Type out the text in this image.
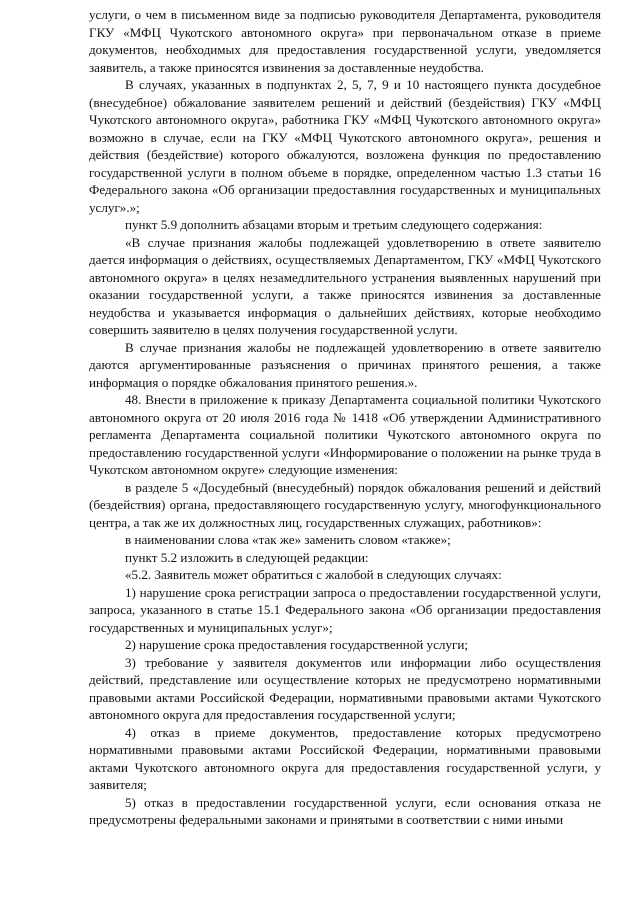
услуги, о чем в письменном виде за подписью руководителя Департамента, руководителя ГКУ «МФЦ Чукотского автономного округа» при первоначальном отказе в приеме документов, необходимых для предоставления государственной услуги, уведомляется заявитель, а также приносятся извинения за доставленные неудобства.

В случаях, указанных в подпунктах 2, 5, 7, 9 и 10 настоящего пункта досудебное (внесудебное) обжалование заявителем решений и действий (бездействия) ГКУ «МФЦ Чукотского автономного округа», работника ГКУ «МФЦ Чукотского автономного округа» возможно в случае, если на ГКУ «МФЦ Чукотского автономного округа», решения и действия (бездействие) которого обжалуются, возложена функция по предоставлению государственной услуги в полном объеме в порядке, определенном частью 1.3 статьи 16 Федерального закона «Об организации предоставлния государственных и муниципальных услуг».»;

пункт 5.9 дополнить абзацами вторым и третьим следующего содержания:

«В случае признания жалобы подлежащей удовлетворению в ответе заявителю дается информация о действиях, осуществляемых Департаментом, ГКУ «МФЦ Чукотского автономного округа» в целях незамедлительного устранения выявленных нарушений при оказании государственной услуги, а также приносятся извинения за доставленные неудобства и указывается информация о дальнейших действиях, которые необходимо совершить заявителю в целях получения государственной услуги.

В случае признания жалобы не подлежащей удовлетворению в ответе заявителю даются аргументированные разъяснения о причинах принятого решения, а также информация о порядке обжалования принятого решения.».

48. Внести в приложение к приказу Департамента социальной политики Чукотского автономного округа от 20 июля 2016 года № 1418 «Об утверждении Административного регламента Департамента социальной политики Чукотского автономного округа по предоставлению государственной услуги «Информирование о положении на рынке труда в Чукотском автономном округе» следующие изменения:

в разделе 5 «Досудебный (внесудебный) порядок обжалования решений и действий (бездействия) органа, предоставляющего государственную услугу, многофункционального центра, а так же их должностных лиц, государственных служащих, работников»:

в наименовании слова «так же» заменить словом «также»;

пункт 5.2 изложить в следующей редакции:

«5.2. Заявитель может обратиться с жалобой в следующих случаях:

1) нарушение срока регистрации запроса о предоставлении государственной услуги, запроса, указанного в статье 15.1 Федерального закона «Об организации предоставления государственных и муниципальных услуг»;

2) нарушение срока предоставления государственной услуги;

3) требование у заявителя документов или информации либо осуществления действий, представление или осуществление которых не предусмотрено нормативными правовыми актами Российской Федерации, нормативными правовыми актами Чукотского автономного округа для предоставления государственной услуги;

4) отказ в приеме документов, предоставление которых предусмотрено нормативными правовыми актами Российской Федерации, нормативными правовыми актами Чукотского автономного округа для предоставления государственной услуги, у заявителя;

5) отказ в предоставлении государственной услуги, если основания отказа не предусмотрены федеральными законами и принятыми в соответствии с ними иными
